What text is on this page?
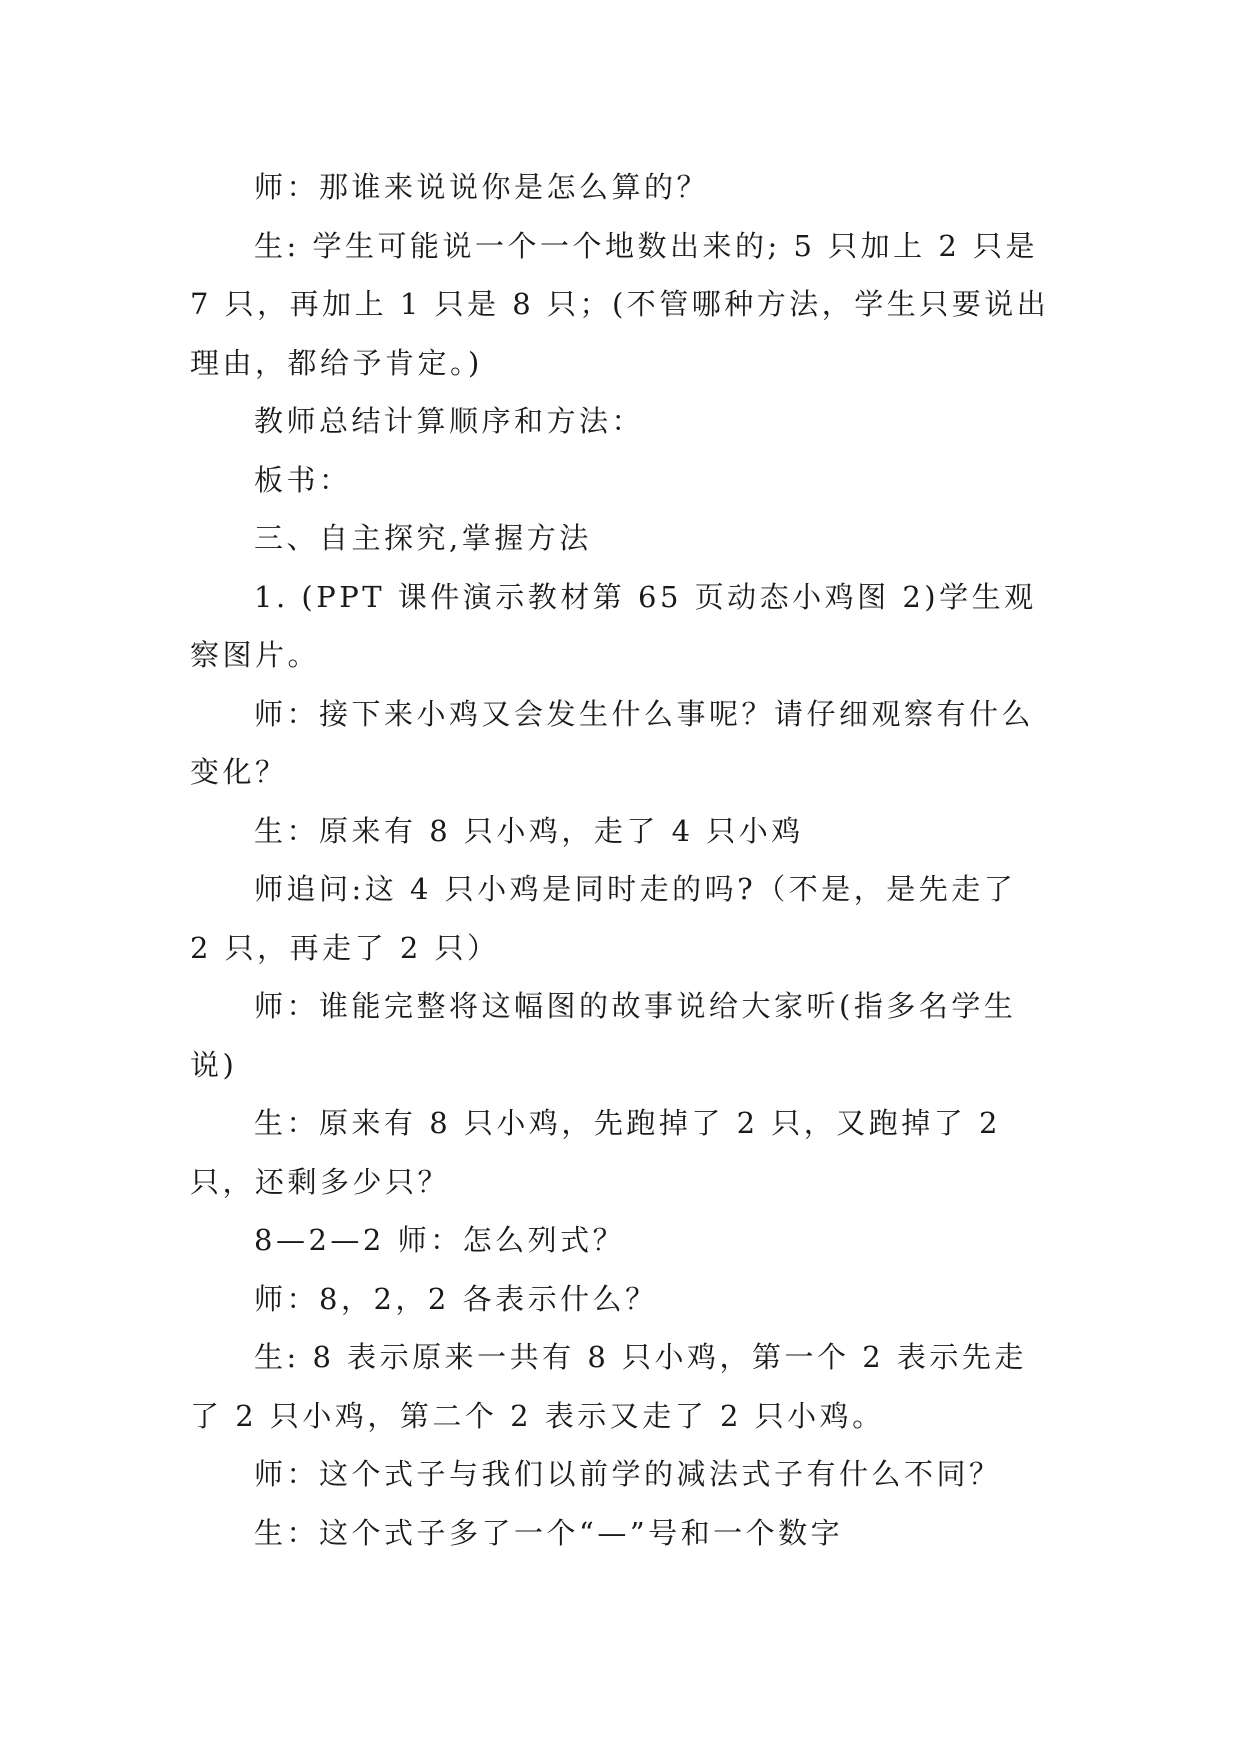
师：那谁来说说你是怎么算的？

生: 学生可能说一个一个地数出来的; 5 只加上 2 只是 7 只，再加上 1 只是 8 只；(不管哪种方法，学生只要说出理由，都给予肯定。)

教师总结计算顺序和方法：

板书：

三、自主探究,掌握方法

1. (PPT 课件演示教材第 65 页动态小鸡图 2)学生观察图片。

师：接下来小鸡又会发生什么事呢？请仔细观察有什么变化？

生：原来有 8 只小鸡，走了 4 只小鸡

师追问:这 4 只小鸡是同时走的吗?（不是，是先走了 2 只，再走了 2 只）

师：谁能完整将这幅图的故事说给大家听(指多名学生说)

生：原来有 8 只小鸡，先跑掉了 2 只，又跑掉了 2 只，还剩多少只？

8—2—2 师：怎么列式？

师：8，2，2 各表示什么？

生: 8 表示原来一共有 8 只小鸡，第一个 2 表示先走了 2 只小鸡，第二个 2 表示又走了 2 只小鸡。

师：这个式子与我们以前学的减法式子有什么不同？

生：这个式子多了一个“—”号和一个数字
